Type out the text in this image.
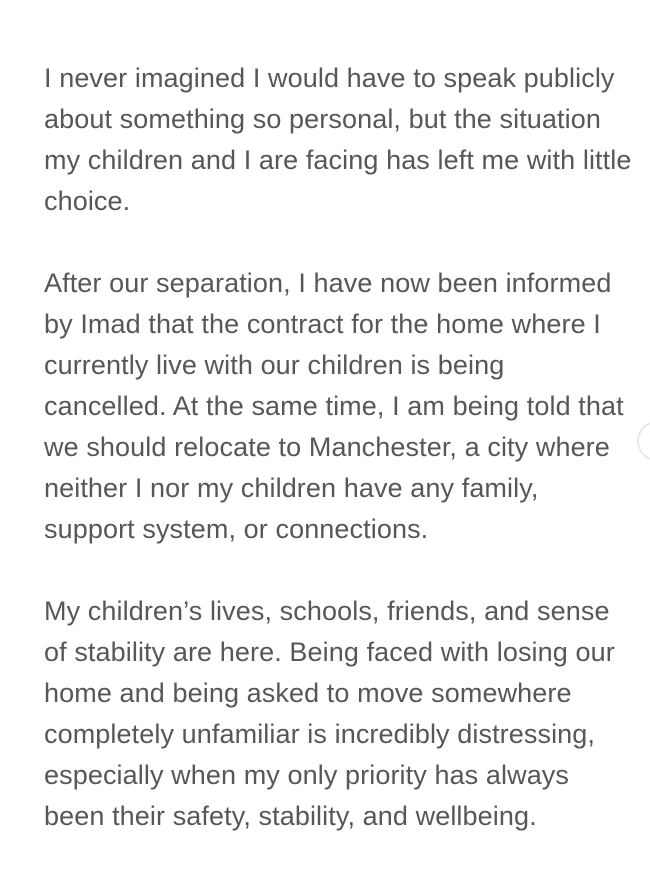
I never imagined I would have to speak publicly
about something so personal, but the situation
my children and I are facing has left me with little
choice.
After our separation, I have now been informed
by Imad that the contract for the home where I
currently live with our children is being
cancelled. At the same time, I am being told that
we should relocate to Manchester, a city where
neither I nor my children have any family,
support system, or connections.
My children’s lives, schools, friends, and sense
of stability are here. Being faced with losing our
home and being asked to move somewhere
completely unfamiliar is incredibly distressing,
especially when my only priority has always
been their safety, stability, and wellbeing.
